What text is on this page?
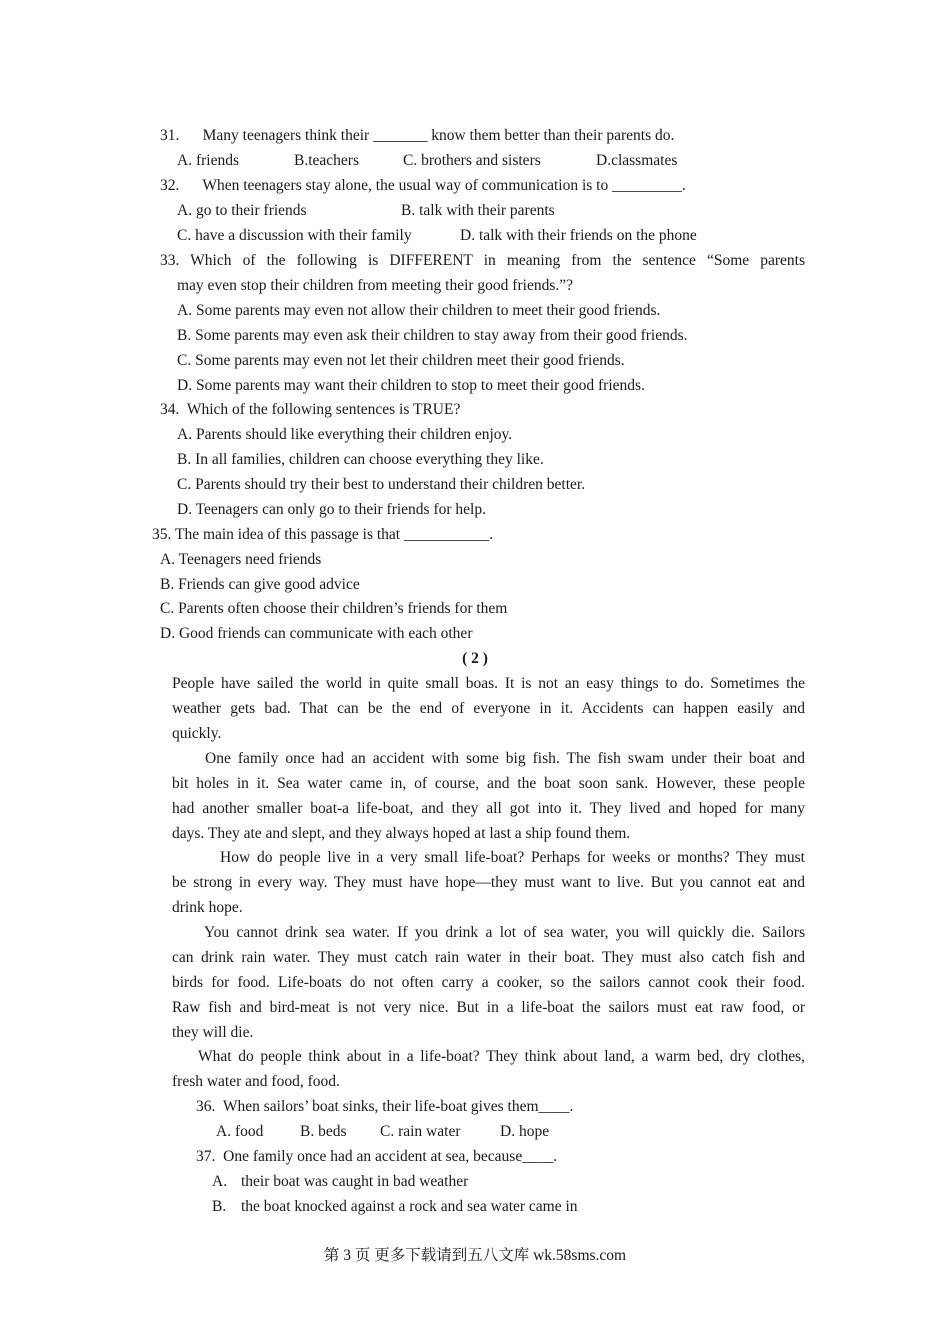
31.      Many teenagers think their _______ know them better than their parents do.
A. friends	B.teachers	C. brothers and sisters	D.classmates
32.      When teenagers stay alone, the usual way of communication is to _________.
A. go to their friends	B. talk with their parents
C. have a discussion with their family	D. talk with their friends on the phone
33. Which of the following is DIFFERENT in meaning from the sentence “Some parents
may even stop their children from meeting their good friends.”?
A. Some parents may even not allow their children to meet their good friends.
B. Some parents may even ask their children to stay away from their good friends.
C. Some parents may even not let their children meet their good friends.
D. Some parents may want their children to stop to meet their good friends.
34.  Which of the following sentences is TRUE?
A. Parents should like everything their children enjoy.
B. In all families, children can choose everything they like.
C. Parents should try their best to understand their children better.
D. Teenagers can only go to their friends for help.
35. The main idea of this passage is that ___________.
A. Teenagers need friends
B. Friends can give good advice
C. Parents often choose their children’s friends for them
D. Good friends can communicate with each other
( 2 )
People have sailed the world in quite small boas. It is not an easy things to do. Sometimes the
weather gets bad. That can be the end of everyone in it. Accidents can happen easily and
quickly.
One family once had an accident with some big fish. The fish swam under their boat and
bit holes in it. Sea water came in, of course, and the boat soon sank. However, these people
had another smaller boat-a life-boat, and they all got into it. They lived and hoped for many
days. They ate and slept, and they always hoped at last a ship found them.
How do people live in a very small life-boat? Perhaps for weeks or months? They must
be strong in every way. They must have hope—they must want to live. But you cannot eat and
drink hope.
You cannot drink sea water. If you drink a lot of sea water, you will quickly die. Sailors
can drink rain water. They must catch rain water in their boat. They must also catch fish and
birds for food. Life-boats do not often carry a cooker, so the sailors cannot cook their food.
Raw fish and bird-meat is not very nice. But in a life-boat the sailors must eat raw food, or
they will die.
What do people think about in a life-boat? They think about land, a warm bed, dry clothes,
fresh water and food, food.
36.  When sailors’ boat sinks, their life-boat gives them____.
A. food B. beds C. rain water	D. hope
37.  One family once had an accident at sea, because____.
A. their boat was caught in bad weather
B. the boat knocked against a rock and sea water came in
第 3 页 更多下载请到五八文库 wk.58sms.com
